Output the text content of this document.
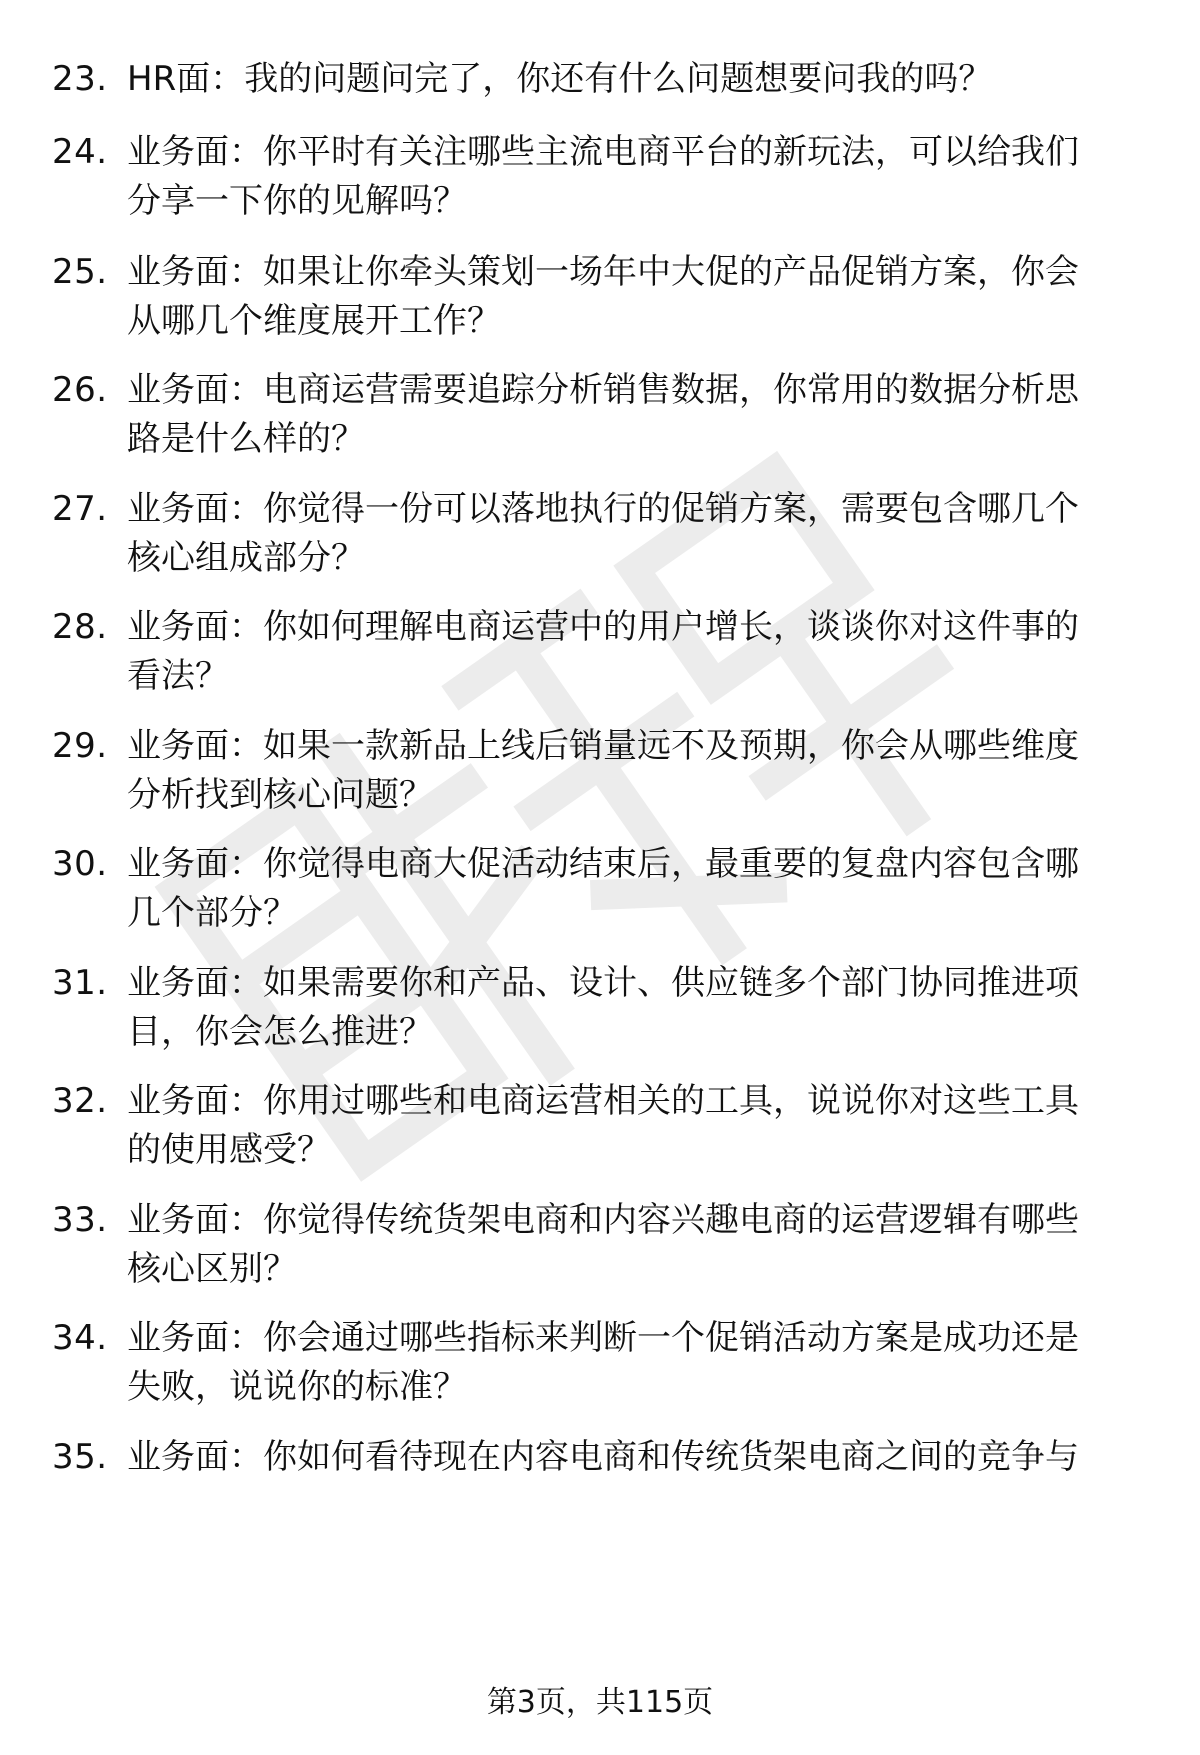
23. HR面：我的问题问完了，你还有什么问题想要问我的吗？
24. 业务面：你平时有关注哪些主流电商平台的新玩法，可以给我们
分享一下你的见解吗？
25. 业务面：如果让你牵头策划一场年中大促的产品促销方案，你会
从哪几个维度展开工作？
26. 业务面：电商运营需要追踪分析销售数据，你常用的数据分析思
路是什么样的？
27. 业务面：你觉得一份可以落地执行的促销方案，需要包含哪几个
核心组成部分？
28. 业务面：你如何理解电商运营中的用户增长，谈谈你对这件事的
看法？
29. 业务面：如果一款新品上线后销量远不及预期，你会从哪些维度
分析找到核心问题？
30. 业务面：你觉得电商大促活动结束后，最重要的复盘内容包含哪
几个部分？
31. 业务面：如果需要你和产品、设计、供应链多个部门协同推进项
目，你会怎么推进？
32. 业务面：你用过哪些和电商运营相关的工具，说说你对这些工具
的使用感受？
33. 业务面：你觉得传统货架电商和内容兴趣电商的运营逻辑有哪些
核心区别？
34. 业务面：你会通过哪些指标来判断一个促销活动方案是成功还是
失败，说说你的标准？
35. 业务面：你如何看待现在内容电商和传统货架电商之间的竞争与
第3页，共115页
